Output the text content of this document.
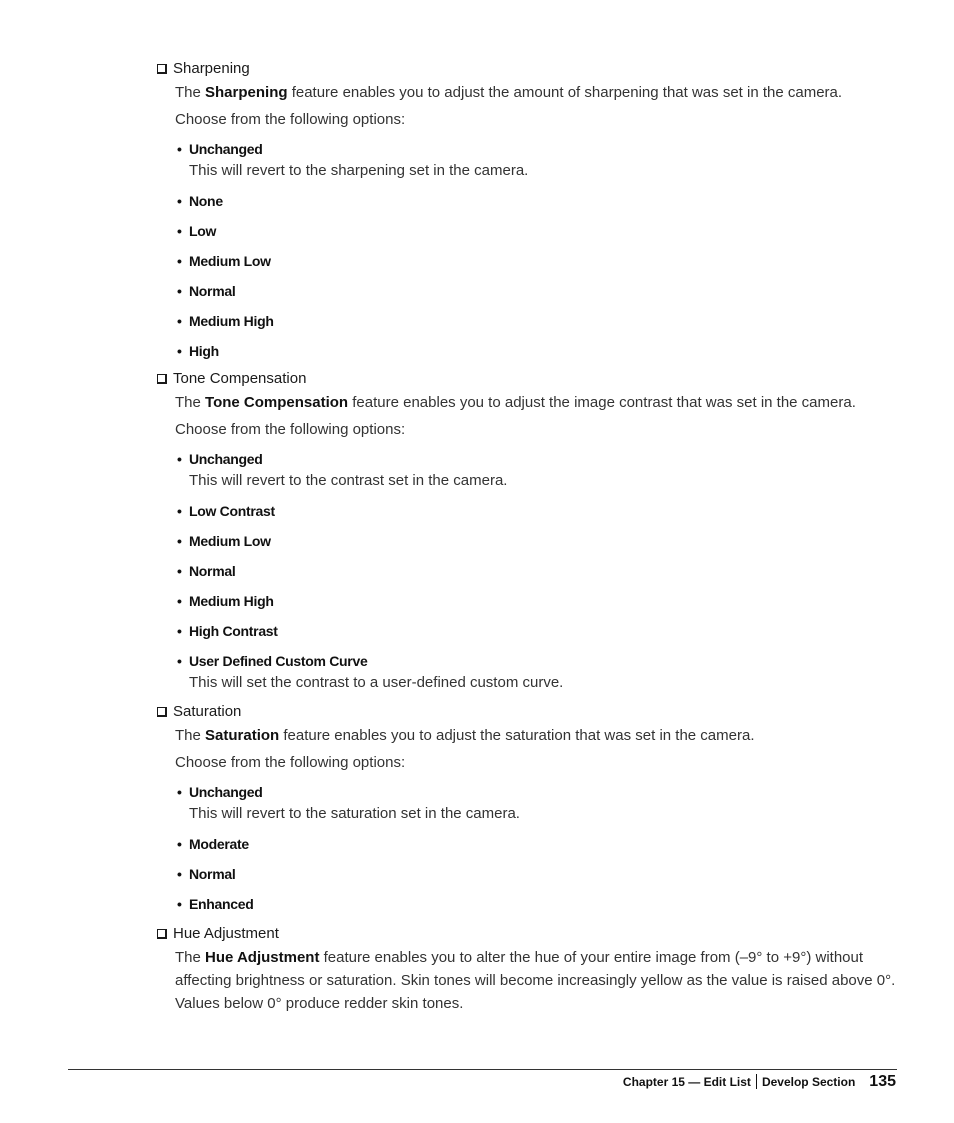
Sharpening

The Sharpening feature enables you to adjust the amount of sharpening that was set in the camera.

Choose from the following options:

• Unchanged
This will revert to the sharpening set in the camera.
• None
• Low
• Medium Low
• Normal
• Medium High
• High
Tone Compensation

The Tone Compensation feature enables you to adjust the image contrast that was set in the camera.

Choose from the following options:

• Unchanged
This will revert to the contrast set in the camera.
• Low Contrast
• Medium Low
• Normal
• Medium High
• High Contrast
• User Defined Custom Curve
This will set the contrast to a user-defined custom curve.
Saturation

The Saturation feature enables you to adjust the saturation that was set in the camera.

Choose from the following options:

• Unchanged
This will revert to the saturation set in the camera.
• Moderate
• Normal
• Enhanced
Hue Adjustment

The Hue Adjustment feature enables you to alter the hue of your entire image from (–9° to +9°) without affecting brightness or saturation. Skin tones will become increasingly yellow as the value is raised above 0°. Values below 0° produce redder skin tones.

Chapter 15 — Edit List Develop Section 135
